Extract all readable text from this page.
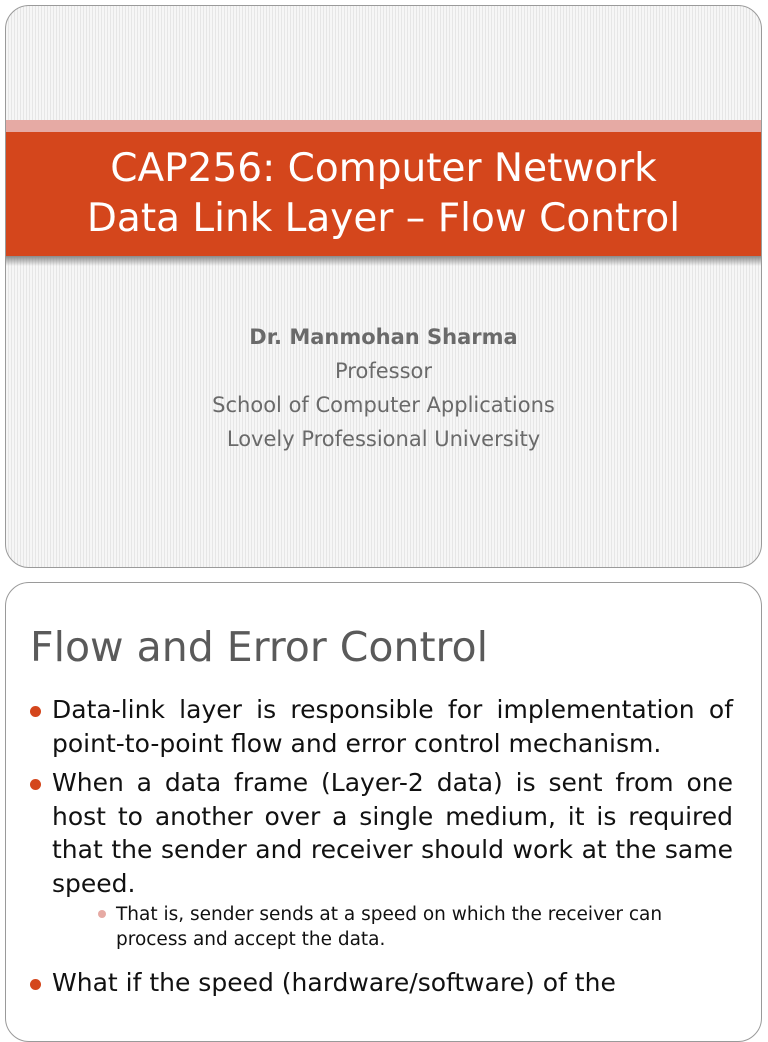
CAP256: Computer Network
Data Link Layer – Flow Control
Dr. Manmohan Sharma
Professor
School of Computer Applications
Lovely Professional University
Flow and Error Control
Data-link layer is responsible for implementation of point-to-point flow and error control mechanism.
When a data frame (Layer-2 data) is sent from one host to another over a single medium, it is required that the sender and receiver should work at the same speed.
That is, sender sends at a speed on which the receiver can process and accept the data.
What if the speed (hardware/software) of the
